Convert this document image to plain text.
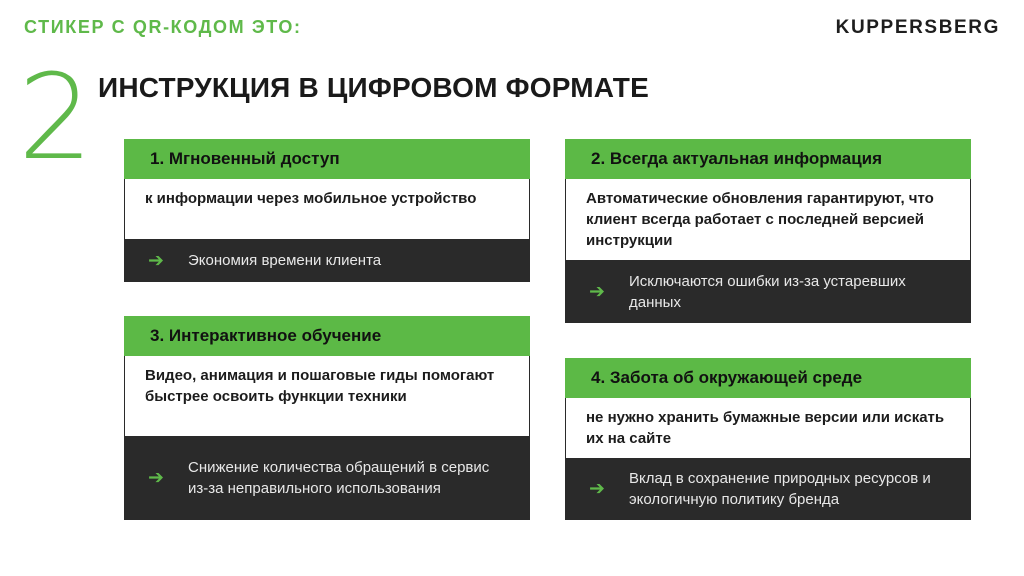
СТИКЕР С QR-КОДОМ ЭТО:	KUPPERSBERG
2 ИНСТРУКЦИЯ В ЦИФРОВОМ ФОРМАТЕ
1. Мгновенный доступ
к информации через мобильное устройство
➔ Экономия времени клиента
2. Всегда актуальная информация
Автоматические обновления гарантируют, что клиент всегда работает с последней версией инструкции
➔ Исключаются ошибки из-за устаревших данных
3. Интерактивное обучение
Видео, анимация и пошаговые гиды помогают быстрее освоить функции техники
➔ Снижение количества обращений в сервис из-за неправильного использования
4. Забота об окружающей среде
не нужно хранить бумажные версии или искать их на сайте
➔ Вклад в сохранение природных ресурсов и экологичную политику бренда
